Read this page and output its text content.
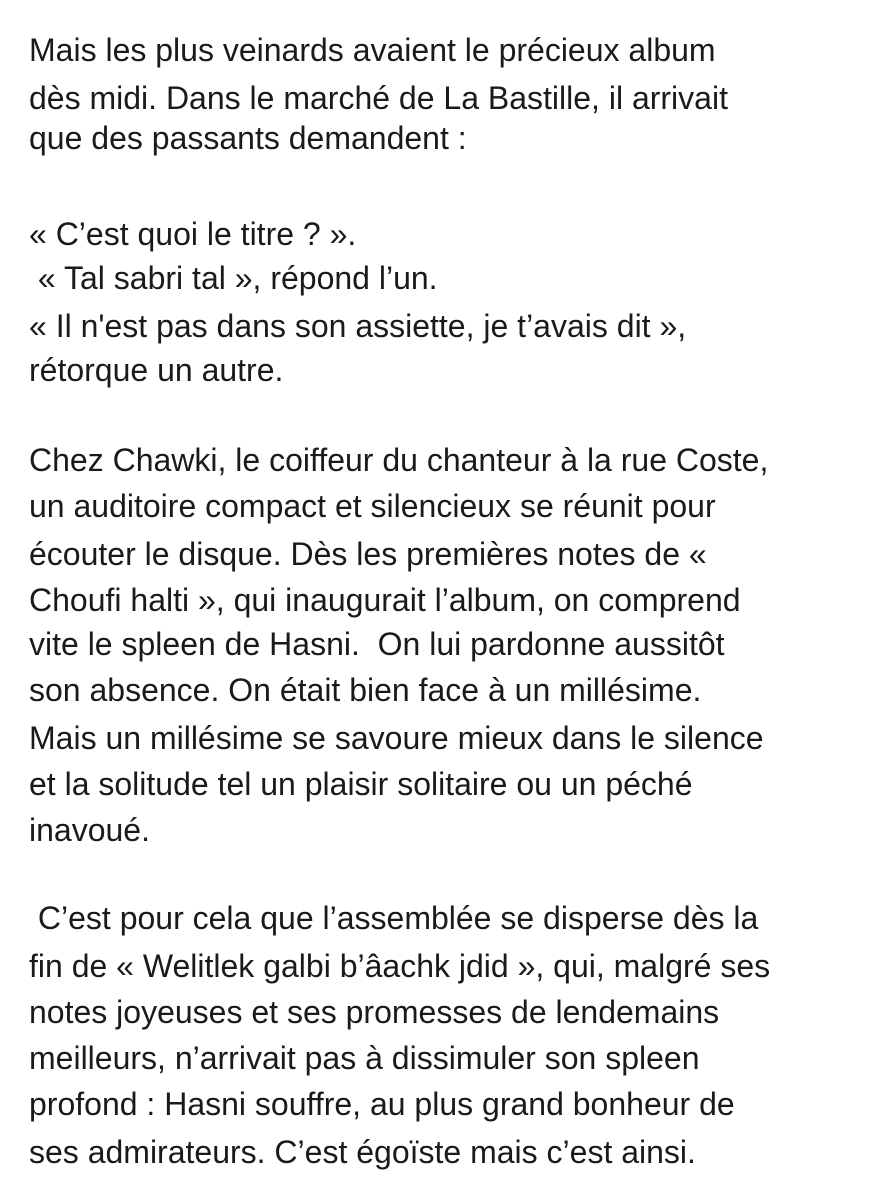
Mais les plus veinards avaient le précieux album
dès midi. Dans le marché de La Bastille, il arrivait
que des passants demandent :
« C’est quoi le titre ? ».
« Tal sabri tal », répond l’un.
« Il n'est pas dans son assiette, je t’avais dit »,
rétorque un autre.
Chez Chawki, le coiffeur du chanteur à la rue Coste,
un auditoire compact et silencieux se réunit pour
écouter le disque. Dès les premières notes de «
Choufi halti », qui inaugurait l’album, on comprend
vite le spleen de Hasni.  On lui pardonne aussitôt
son absence. On était bien face à un millésime.
Mais un millésime se savoure mieux dans le silence
et la solitude tel un plaisir solitaire ou un péché
inavoué.
C’est pour cela que l’assemblée se disperse dès la
fin de « Welitlek galbi b’âachk jdid », qui, malgré ses
notes joyeuses et ses promesses de lendemains
meilleurs, n’arrivait pas à dissimuler son spleen
profond : Hasni souffre, au plus grand bonheur de
ses admirateurs. C’est égoïste mais c’est ainsi.
